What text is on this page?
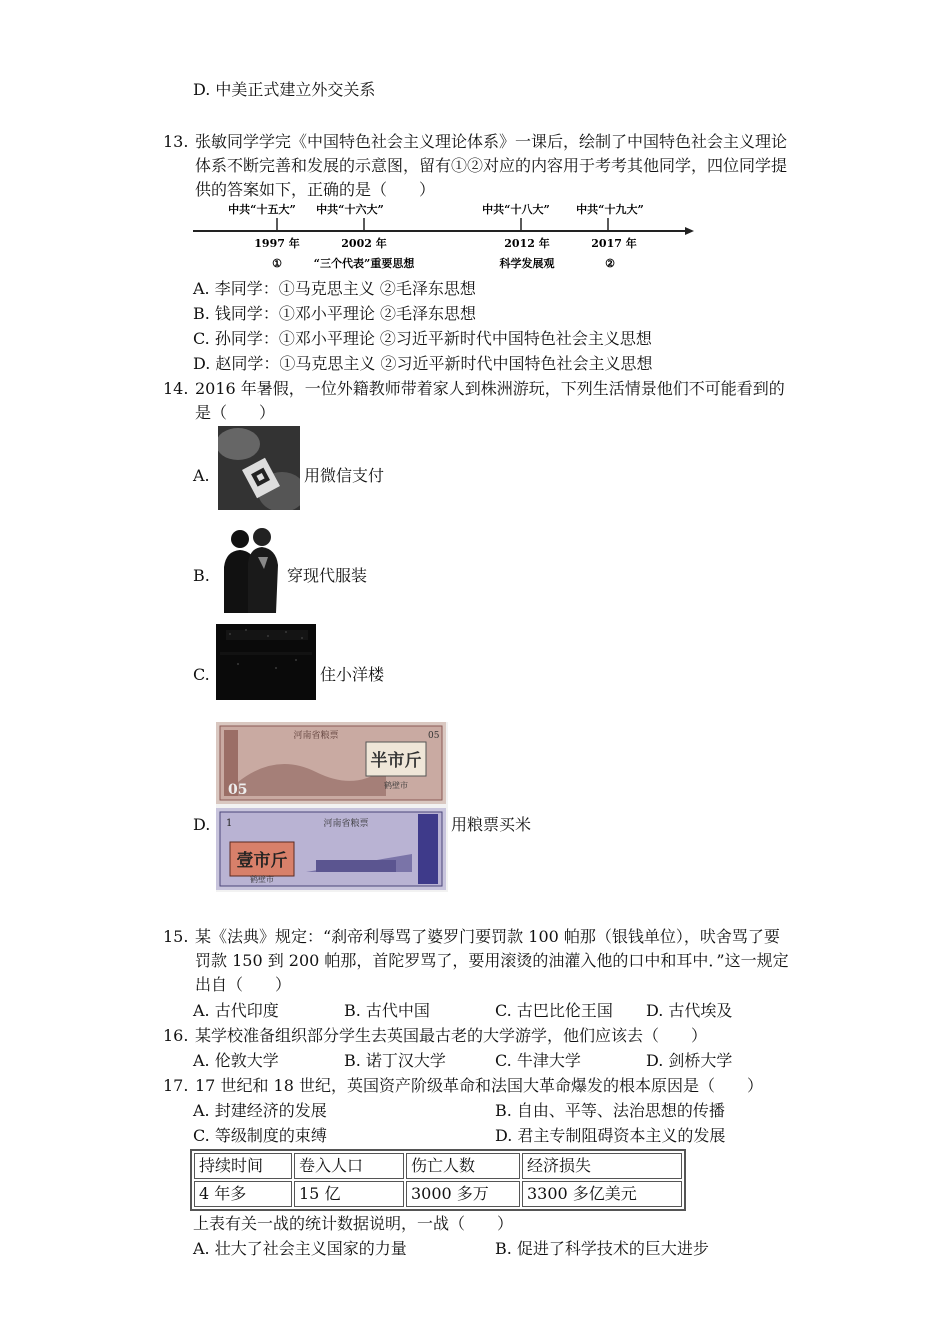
D. 中美正式建立外交关系
13. 张敏同学学完《中国特色社会主义理论体系》一课后，绘制了中国特色社会主义理论体系不断完善和发展的示意图，留有①②对应的内容用于考考其他同学，四位同学提供的答案如下，正确的是（　　）
中共“十五大” 中共“十六大”	中共“十八大” 中共“十九大”
1997 年	2002 年	2012 年	2017 年
①	“三个代表”重要思想	科学发展观	②
A. 李同学：①马克思主义 ②毛泽东思想
B. 钱同学：①邓小平理论 ②毛泽东思想
C. 孙同学：①邓小平理论 ②习近平新时代中国特色社会主义思想
D. 赵同学：①马克思主义 ②习近平新时代中国特色社会主义思想
14. 2016 年暑假，一位外籍教师带着家人到株洲游玩，下列生活情景他们不可能看到的是（　　）
A.	用微信支付
B.	穿现代服装
C.	住小洋楼
D.
半市斤
河南省粮票	05
鹤壁市
05
壹市斤
河南省粮票
1
鹤壁市
用粮票买米
15. 某《法典》规定：“刹帝利辱骂了婆罗门要罚款 100 帕那（银钱单位），吠舍骂了要罚款 150 到 200 帕那，首陀罗骂了，要用滚烫的油灌入他的口中和耳中．”这一规定出自（　　）
A. 古代印度	B. 古代中国	C. 古巴比伦王国 D. 古代埃及
16. 某学校准备组织部分学生去英国最古老的大学游学，他们应该去（　　）
A. 伦敦大学	B. 诺丁汉大学	C. 牛津大学	D. 剑桥大学
17. 17 世纪和 18 世纪，英国资产阶级革命和法国大革命爆发的根本原因是（　　）
A. 封建经济的发展	B. 自由、平等、法治思想的传播
C. 等级制度的束缚	D. 君主专制阻碍资本主义的发展
持续时间	卷入人口	伤亡人数	经济损失
4 年多	15 亿	3000 多万	3300 多亿美元
上表有关一战的统计数据说明，一战（　　）
A. 壮大了社会主义国家的力量	B. 促进了科学技术的巨大进步
